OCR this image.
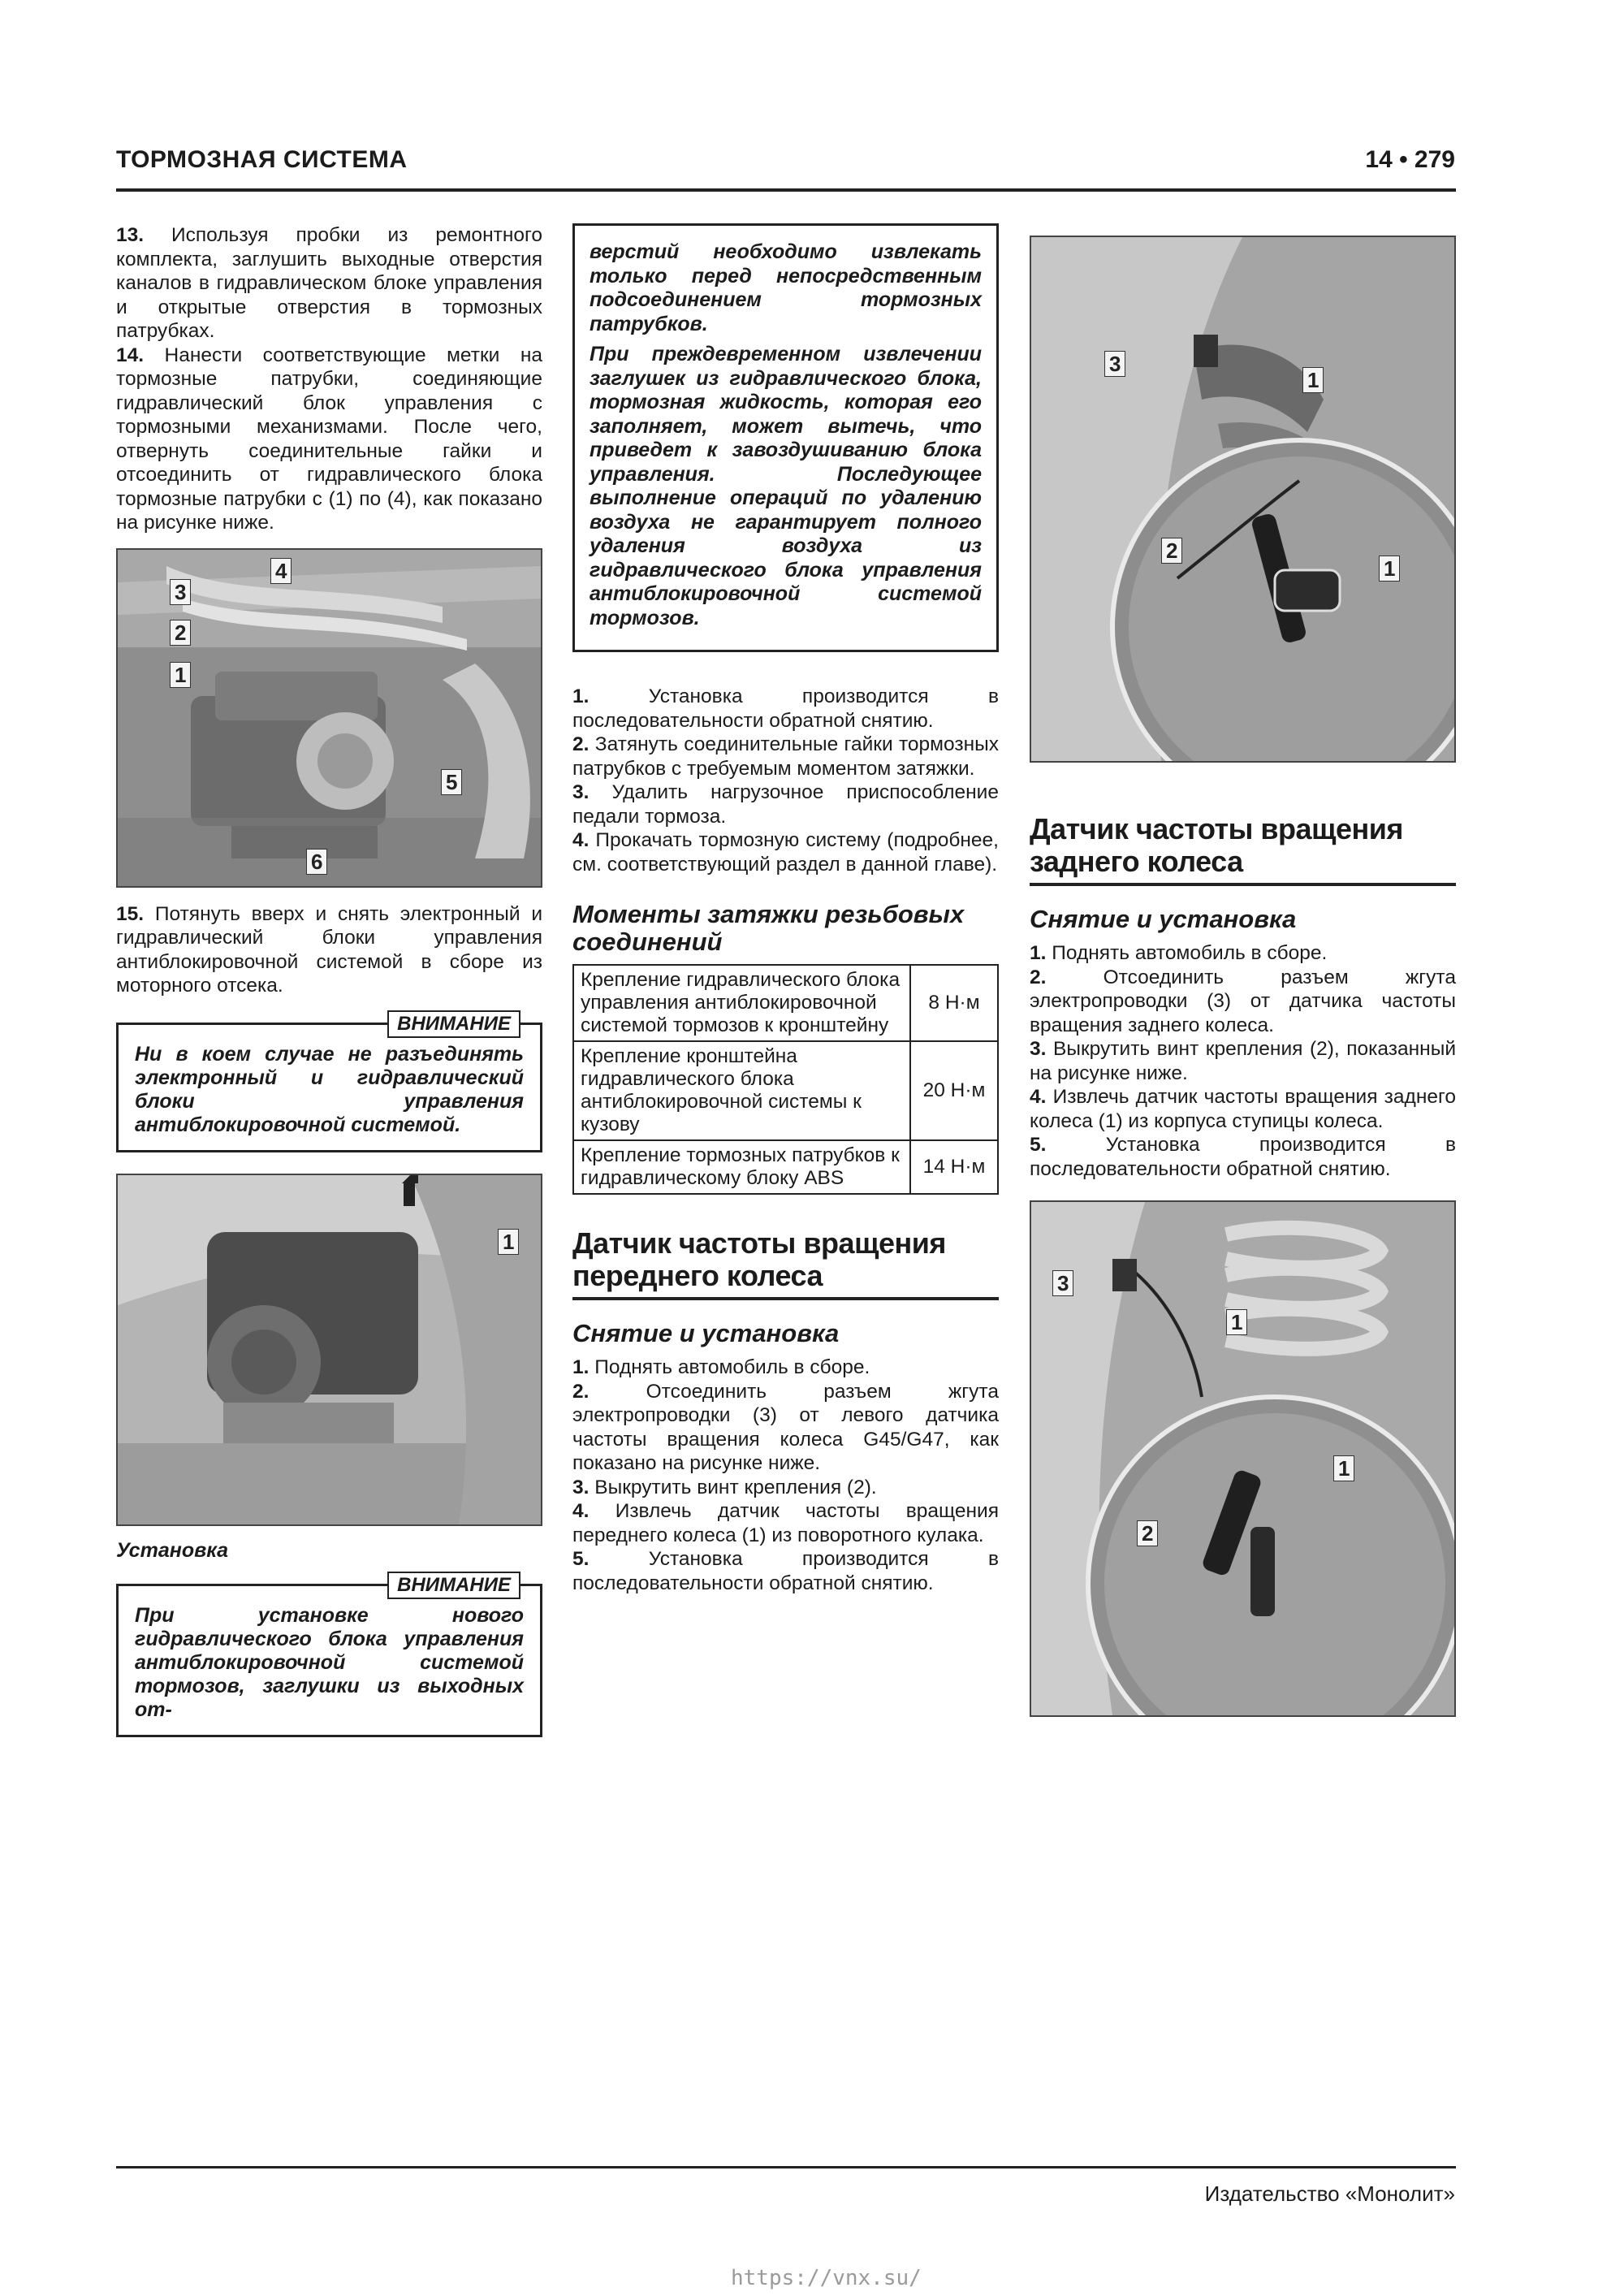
ТОРМОЗНАЯ СИСТЕМА	14 • 279

13. Используя пробки из ремонтного комплекта, заглушить выходные отверстия каналов в гидравлическом блоке управления и открытые отверстия в тормозных патрубках.

14. Нанести соответствующие метки на тормозные патрубки, соединяющие гидравлический блок управления с тормозными механизмами. После чего, отвернуть соединительные гайки и отсоединить от гидравлического блока тормозные патрубки с (1) по (4), как показано на рисунке ниже.

3
4
2
1
5
6

15. Потянуть вверх и снять электронный и гидравлический блоки управления антиблокировочной системой в сборе из моторного отсека.

ВНИМАНИЕ
Ни в коем случае не разъединять электронный и гидравлический блоки управления антиблокировочной системой.
1
Установка
ВНИМАНИЕ
При установке нового гидравлического блока управления антиблокировочной системой тормозов, заглушки из выходных от-

верстий необходимо извлекать только перед непосредственным подсоединением тормозных патрубков.

При преждевременном извлечении заглушек из гидравлического блока, тормозная жидкость, которая его заполняет, может вытечь, что приведет к завоздушиванию блока управления. Последующее выполнение операций по удалению воздуха не гарантирует полного удаления воздуха из гидравлического блока управления антиблокировочной системой тормозов.

1.	Установка производится в последовательности обратной снятию.

2. Затянуть соединительные гайки тормозных патрубков с требуемым моментом затяжки.

3. Удалить нагрузочное приспособление педали тормоза.

4. Прокачать тормозную систему (подробнее, см. соответствующий раздел в данной главе).

Моменты затяжки резьбовых соединений
Крепление гидравлического блока управления антиблокировочной системой тормозов к кронштейну	8 Н·м
Крепление кронштейна гидравлического блока антиблокировочной системы к кузову	20 Н·м
Крепление тормозных патрубков к гидравлическому блоку ABS	14 Н·м
Датчик частоты вращения переднего колеса
Снятие и установка

1. Поднять автомобиль в сборе.

2.	Отсоединить разъем жгута электропроводки (3) от левого датчика частоты вращения колеса G45/G47, как показано на рисунке ниже.

3. Выкрутить винт крепления (2).

4. Извлечь датчик частоты вращения переднего колеса (1) из поворотного кулака.

5.	Установка производится в последовательности обратной снятию.

3
1
2
1
Датчик частоты вращения заднего колеса
Снятие и установка

1. Поднять автомобиль в сборе.

2.	Отсоединить разъем жгута электропроводки (3) от датчика частоты вращения заднего колеса.

3. Выкрутить винт крепления (2), показанный на рисунке ниже.

4. Извлечь датчик частоты вращения заднего колеса (1) из корпуса ступицы колеса.

5.	Установка производится в последовательности обратной снятию.

3
1
1
2
Издательство «Монолит»
https://vnx.su/
